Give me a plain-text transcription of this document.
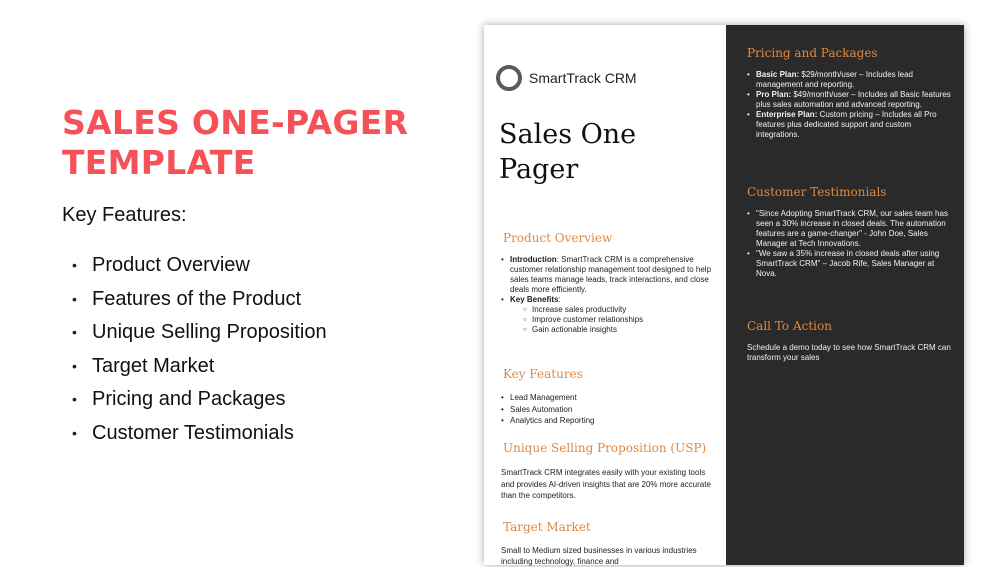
SALES ONE-PAGER
TEMPLATE
Key Features:
• Product Overview
• Features of the Product
• Unique Selling Proposition
• Target Market
• Pricing and Packages
• Customer Testimonials
SmartTrack CRM
Sales One
Pager
Product Overview
• Introduction: SmartTrack CRM is a comprehensive customer relationship management tool designed to help sales teams manage leads, track interactions, and close deals more efficiently.
• Key Benefits:
○ Increase sales productivity
○ Improve customer relationships
○ Gain actionable insights
Key Features
• Lead Management
• Sales Automation
• Analytics and Reporting
Unique Selling Proposition (USP)
SmartTrack CRM integrates easily with your existing tools and provides AI-driven insights that are 20% more accurate than the competitors.
Target Market
Small to Medium sized businesses in various industries including technology, finance and
Pricing and Packages
• Basic Plan: $29/month/user – Includes lead management and reporting.
• Pro Plan: $49/month/user – Includes all Basic features plus sales automation and advanced reporting.
• Enterprise Plan: Custom pricing – Includes all Pro features plus dedicated support and custom integrations.
Customer Testimonials
• "Since Adopting SmartTrack CRM, our sales team has seen a 30% increase in closed deals. The automation features are a game-changer" - John Doe, Sales Manager at Tech Innovations.
• "We saw a 35% increase in closed deals after using SmartTrack CRM" – Jacob Rife, Sales Manager at Nova.
Call To Action
Schedule a demo today to see how SmartTrack CRM can transform your sales
